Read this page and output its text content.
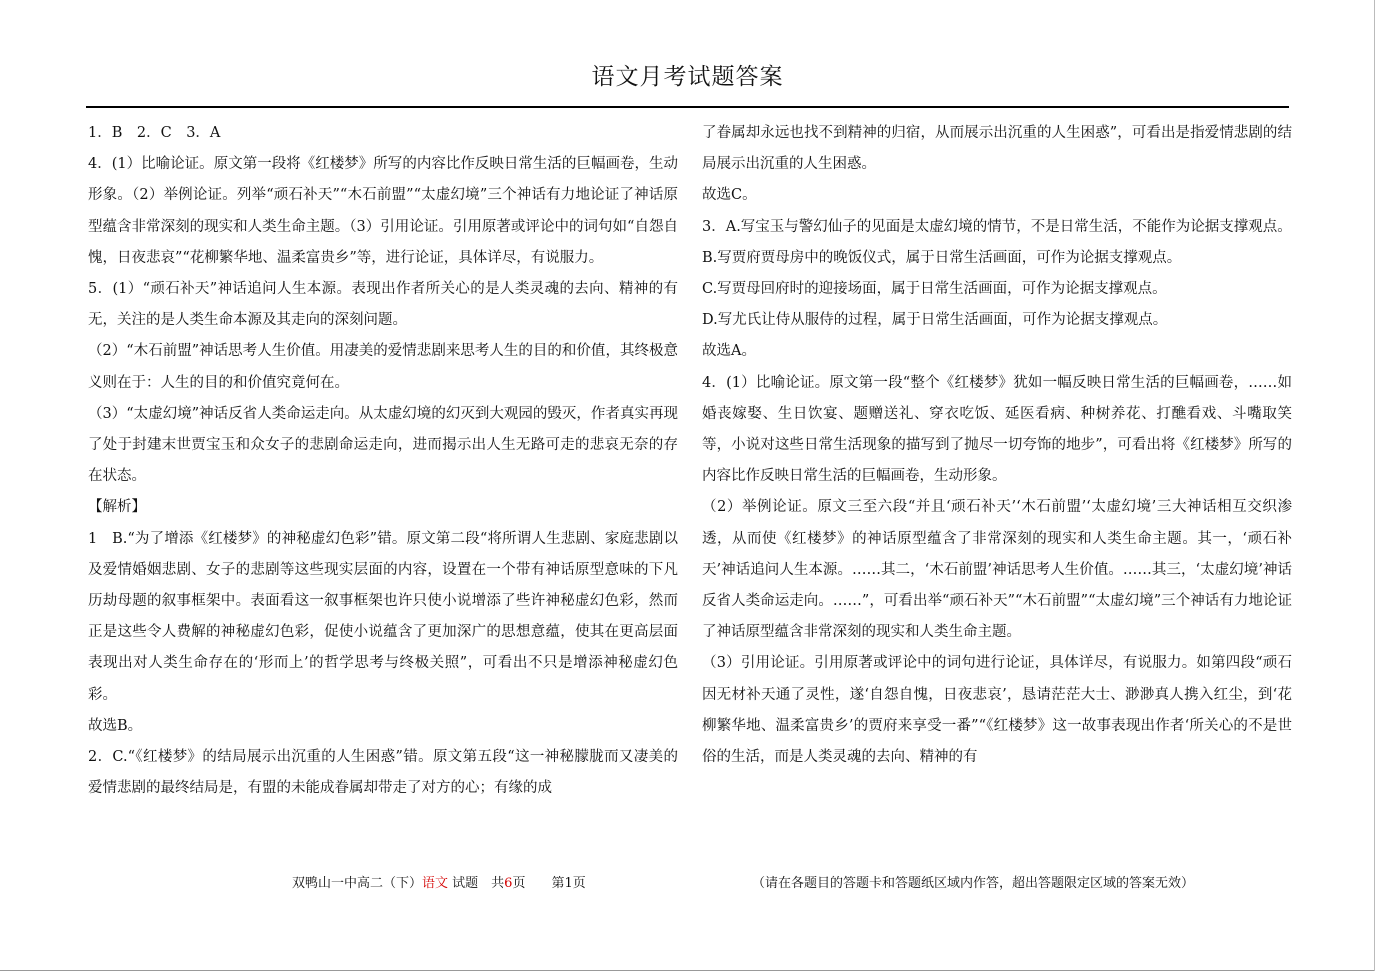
语文月考试题答案

1．B　2．C　3．A

4．(1）比喻论证。原文第一段将《红楼梦》所写的内容比作反映日常生活的巨幅画卷，生动形象。（2）举例论证。列举“顽石补天”“木石前盟”“太虚幻境”三个神话有力地论证了神话原型蕴含非常深刻的现实和人类生命主题。（3）引用论证。引用原著或评论中的词句如“自怨自愧，日夜悲哀”“花柳繁华地、温柔富贵乡”等，进行论证，具体详尽，有说服力。

5．(1）“顽石补天”神话追问人生本源。表现出作者所关心的是人类灵魂的去向、精神的有无，关注的是人类生命本源及其走向的深刻问题。

（2）“木石前盟”神话思考人生价值。用凄美的爱情悲剧来思考人生的目的和价值，其终极意义则在于：人生的目的和价值究竟何在。

（3）“太虚幻境”神话反省人类命运走向。从太虚幻境的幻灭到大观园的毁灭，作者真实再现了处于封建末世贾宝玉和众女子的悲剧命运走向，进而揭示出人生无路可走的悲哀无奈的存在状态。

【解析】

1　B.“为了增添《红楼梦》的神秘虚幻色彩”错。原文第二段“将所谓人生悲剧、家庭悲剧以及爱情婚姻悲剧、女子的悲剧等这些现实层面的内容，设置在一个带有神话原型意味的下凡历劫母题的叙事框架中。表面看这一叙事框架也许只使小说增添了些许神秘虚幻色彩，然而正是这些令人费解的神秘虚幻色彩，促使小说蕴含了更加深广的思想意蕴，使其在更高层面表现出对人类生命存在的‘形而上’的哲学思考与终极关照”，可看出不只是增添神秘虚幻色彩。

故选B。

2．C.“《红楼梦》的结局展示出沉重的人生困惑”错。原文第五段“这一神秘朦胧而又凄美的爱情悲剧的最终结局是，有盟的未能成眷属却带走了对方的心；有缘的成

了眷属却永远也找不到精神的归宿，从而展示出沉重的人生困惑”，可看出是指爱情悲剧的结局展示出沉重的人生困惑。

故选C。

3．A.写宝玉与警幻仙子的见面是太虚幻境的情节，不是日常生活，不能作为论据支撑观点。

B.写贾府贾母房中的晚饭仪式，属于日常生活画面，可作为论据支撑观点。

C.写贾母回府时的迎接场面，属于日常生活画面，可作为论据支撑观点。

D.写尤氏让侍从服侍的过程，属于日常生活画面，可作为论据支撑观点。

故选A。

4．(1）比喻论证。原文第一段“整个《红楼梦》犹如一幅反映日常生活的巨幅画卷，……如婚丧嫁娶、生日饮宴、题赠送礼、穿衣吃饭、延医看病、种树养花、打醮看戏、斗嘴取笑等，小说对这些日常生活现象的描写到了抛尽一切夸饰的地步”，可看出将《红楼梦》所写的内容比作反映日常生活的巨幅画卷，生动形象。

（2）举例论证。原文三至六段“并且‘顽石补天’‘木石前盟’‘太虚幻境’三大神话相互交织渗透，从而使《红楼梦》的神话原型蕴含了非常深刻的现实和人类生命主题。其一，‘顽石补天’神话追问人生本源。……其二，‘木石前盟’神话思考人生价值。……其三，‘太虚幻境’神话反省人类命运走向。……”，可看出举“顽石补天”“木石前盟”“太虚幻境”三个神话有力地论证了神话原型蕴含非常深刻的现实和人类生命主题。

（3）引用论证。引用原著或评论中的词句进行论证，具体详尽，有说服力。如第四段“顽石因无材补天通了灵性，遂‘自怨自愧，日夜悲哀’，恳请茫茫大士、渺渺真人携入红尘，到‘花柳繁华地、温柔富贵乡’的贾府来享受一番”“《红楼梦》这一故事表现出作者‘所关心的不是世俗的生活，而是人类灵魂的去向、精神的有

双鸭山一中高二（下）语文 试题　共6页　　第1页	（请在各题目的答题卡和答题纸区域内作答，超出答题限定区域的答案无效）
